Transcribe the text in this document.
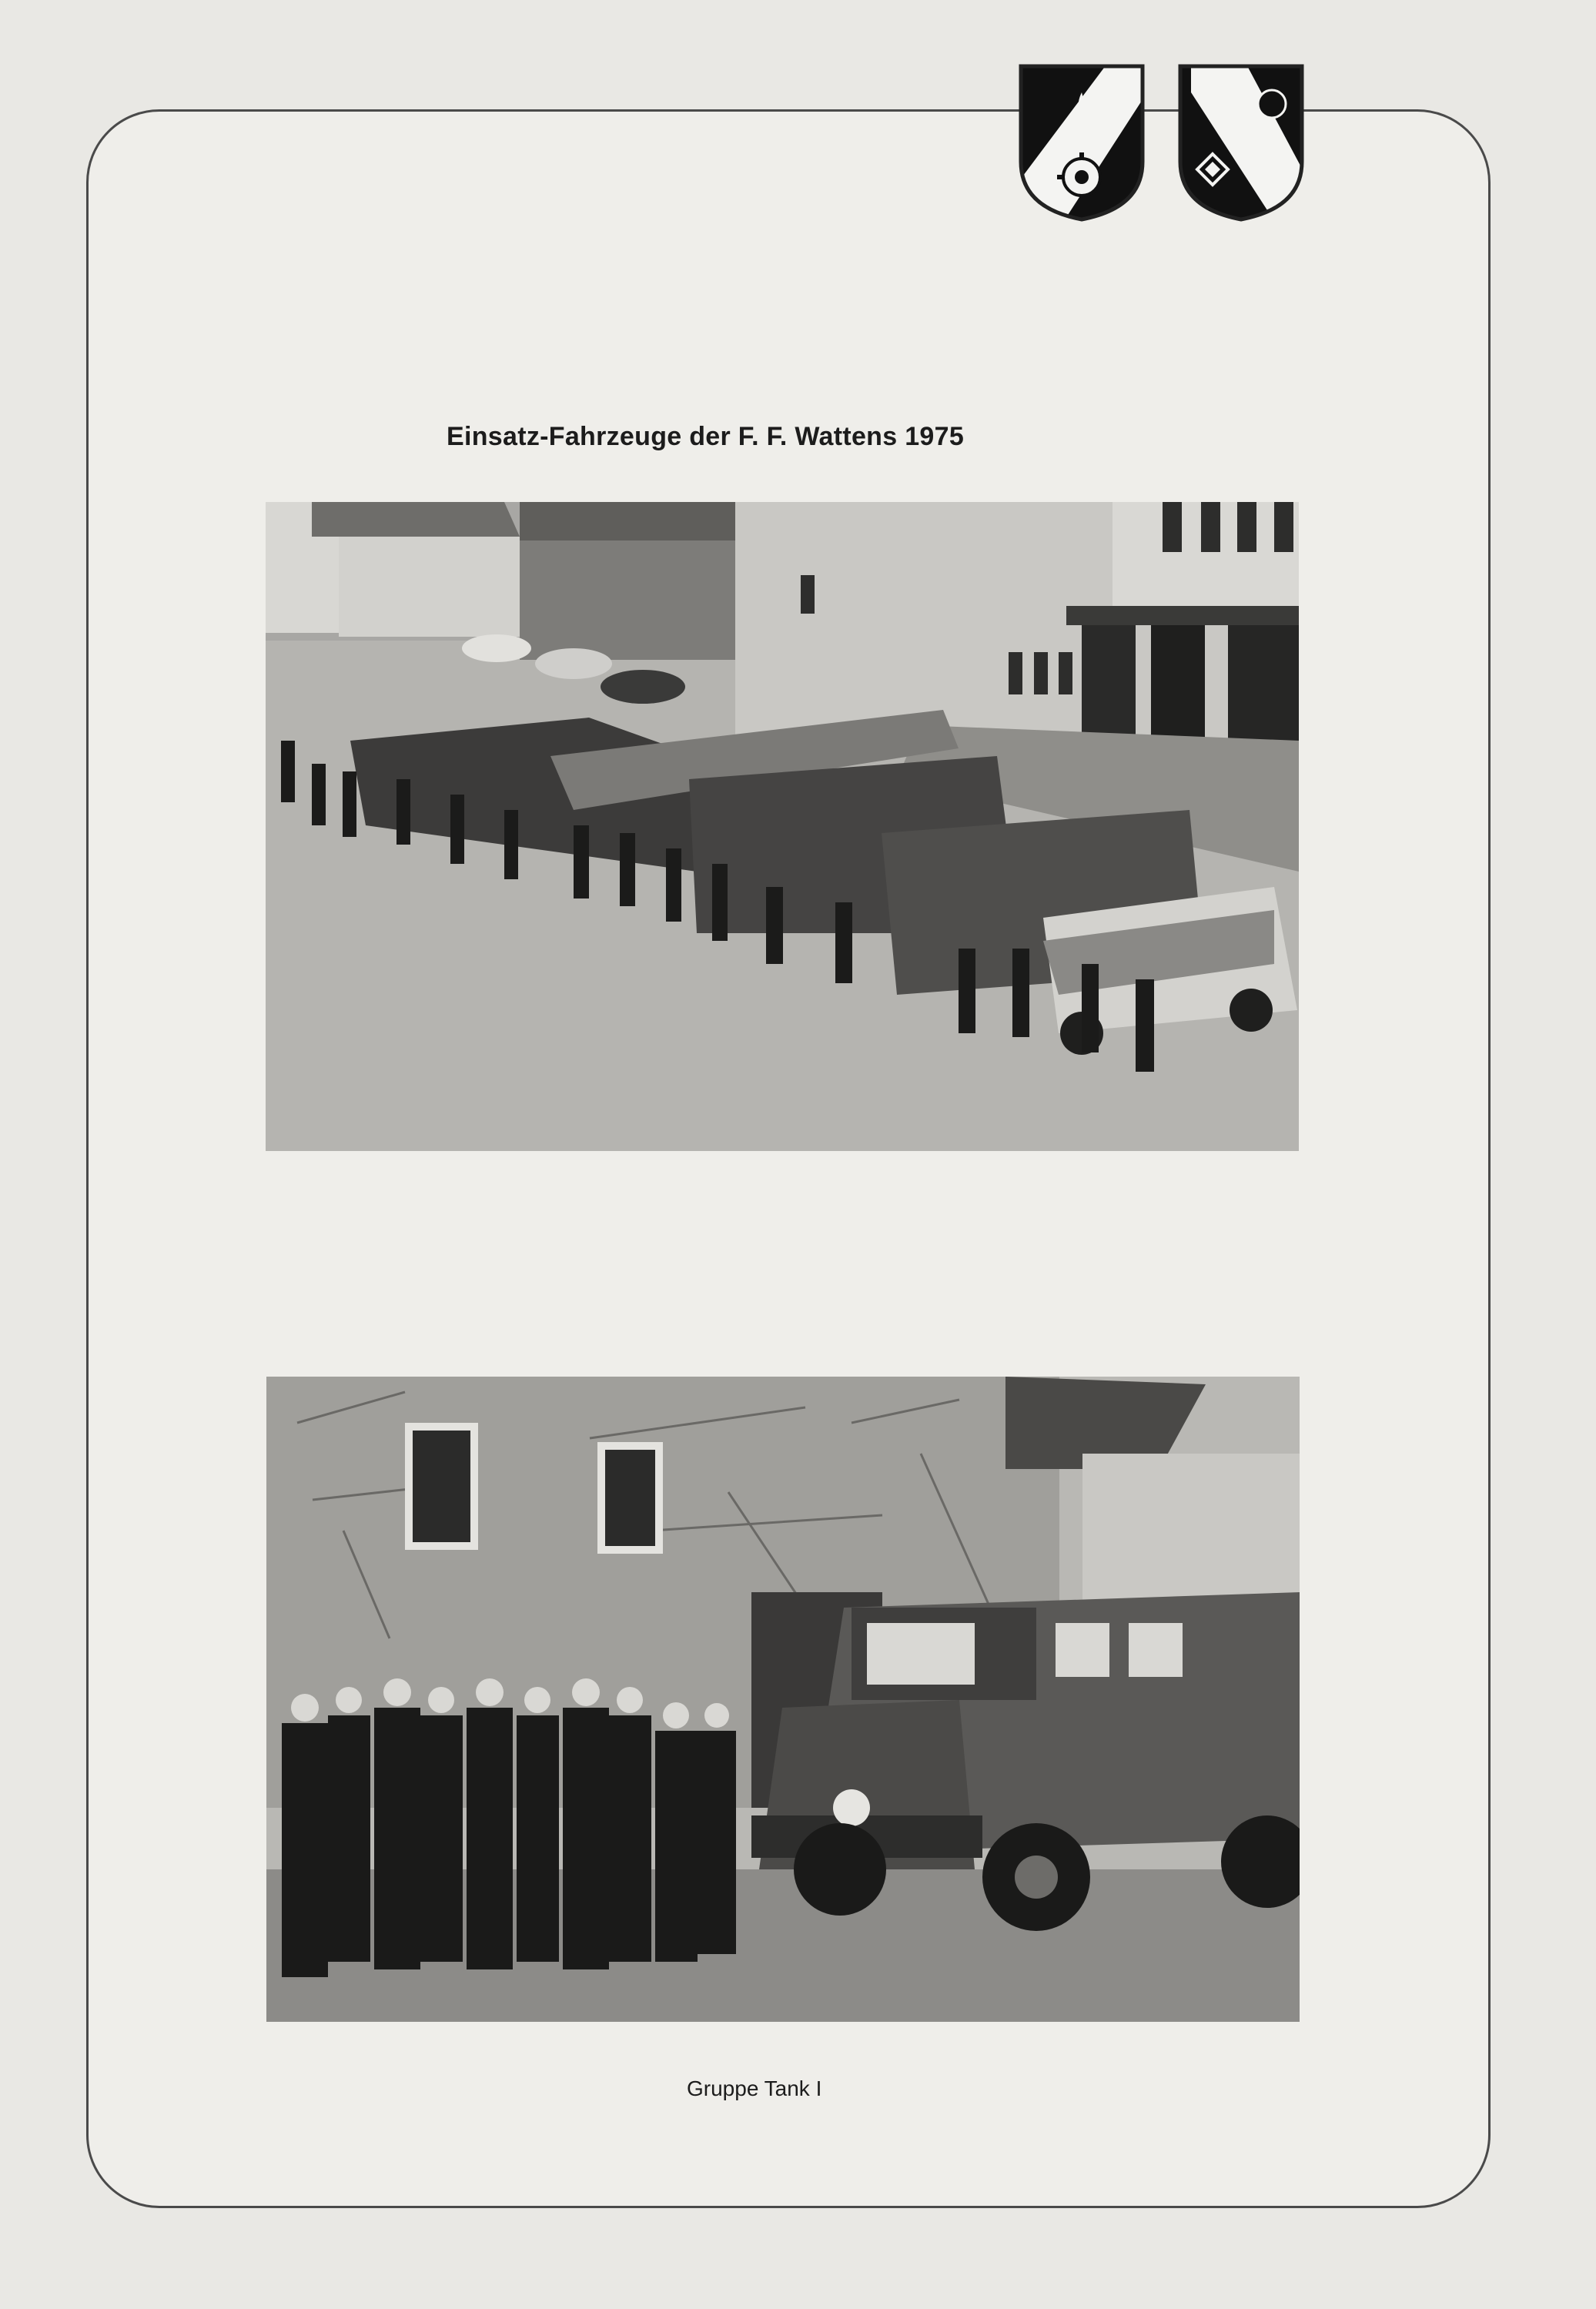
Einsatz-Fahrzeuge der F. F. Wattens 1975
Gruppe Tank I
